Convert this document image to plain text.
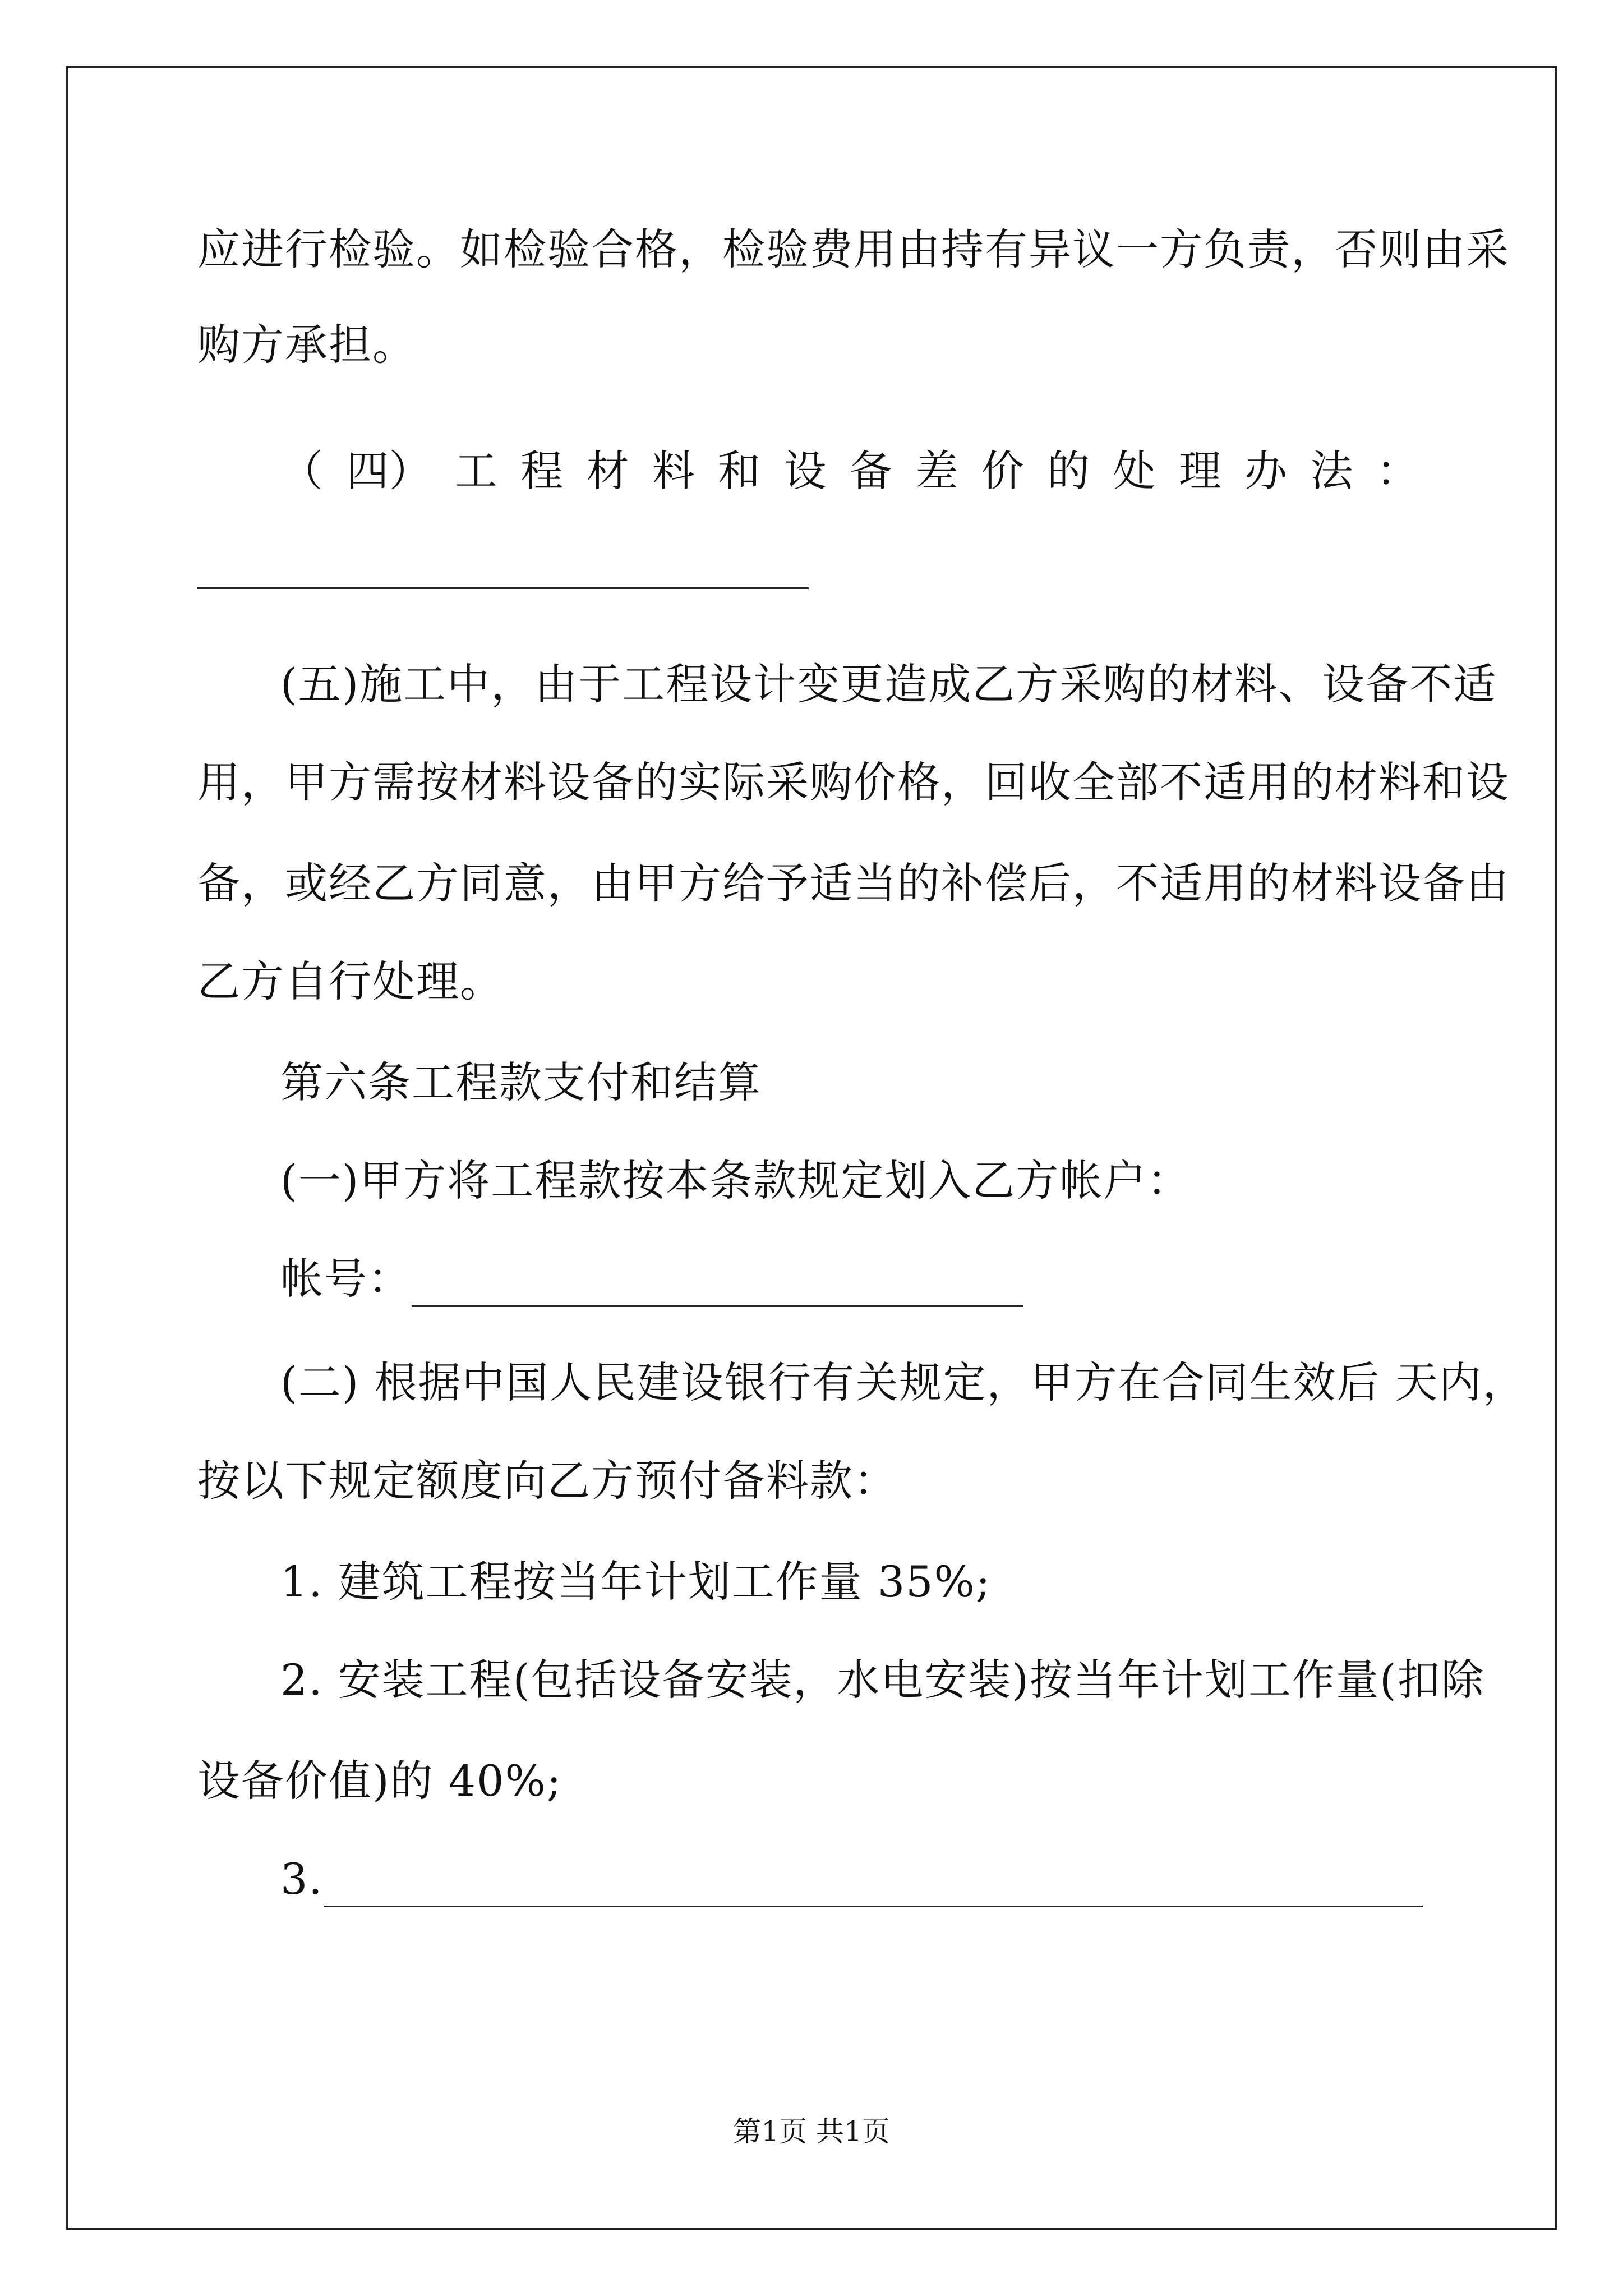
应进行检验。如检验合格，检验费用由持有异议一方负责，否则由采
购方承担。
（ 四） 工 程 材 料 和 设 备 差 价 的 处 理 办 法 ：
(五)施工中，由于工程设计变更造成乙方采购的材料、设备不适
用，甲方需按材料设备的实际采购价格，回收全部不适用的材料和设
备，或经乙方同意，由甲方给予适当的补偿后，不适用的材料设备由
乙方自行处理。
第六条工程款支付和结算
(一)甲方将工程款按本条款规定划入乙方帐户：
帐号：
(二) 根据中国人民建设银行有关规定，甲方在合同生效后 天内，
按以下规定额度向乙方预付备料款：
1. 建筑工程按当年计划工作量 35%;
2. 安装工程(包括设备安装，水电安装)按当年计划工作量(扣除
设备价值)的 40%;
3.
第1页 共1页
